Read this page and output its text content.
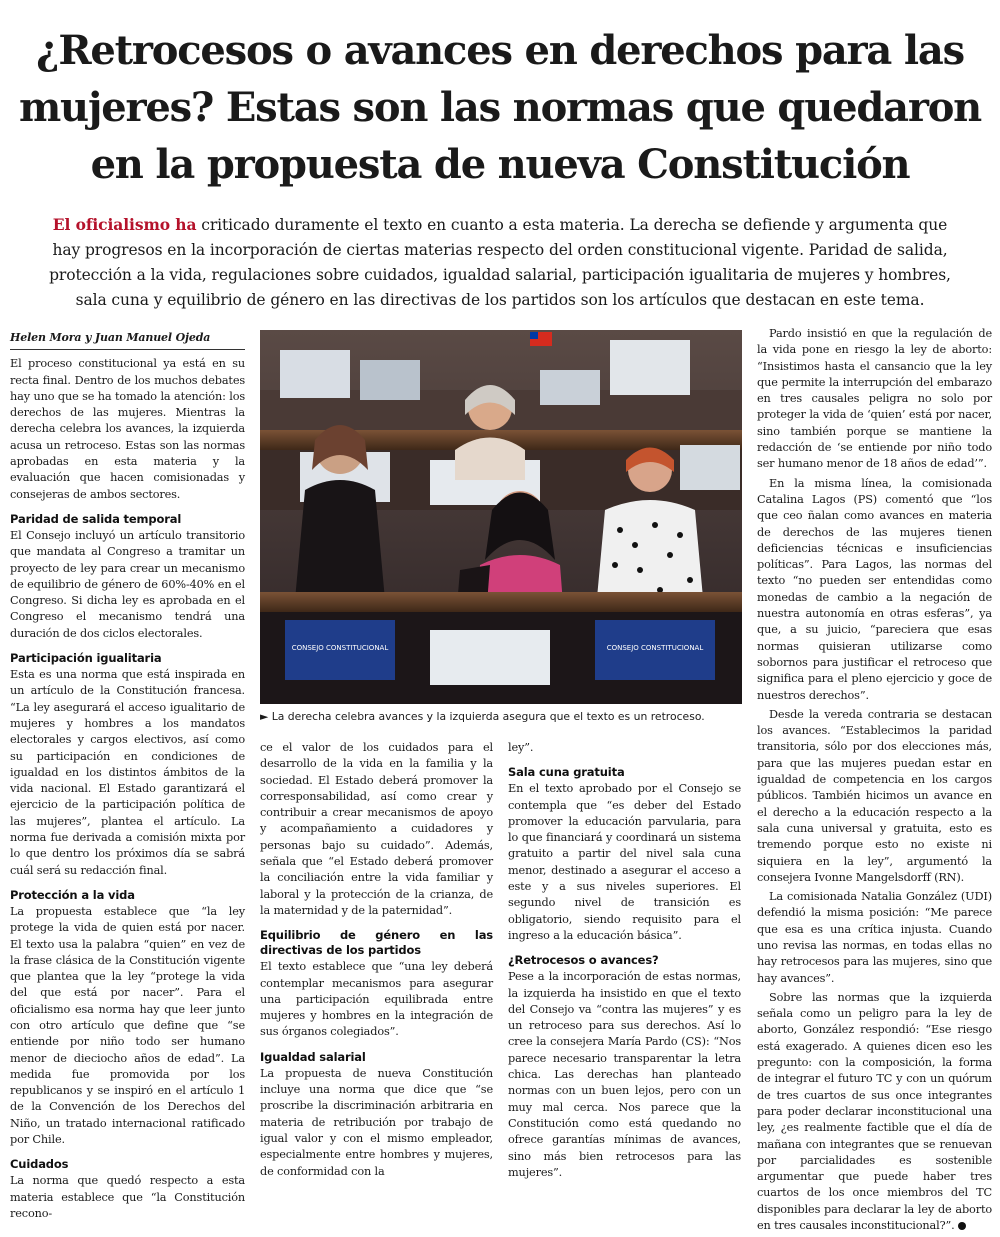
¿Retrocesos o avances en derechos para las mujeres? Estas son las normas que quedaron en la propuesta de nueva Constitución

El oficialismo ha criticado duramente el texto en cuanto a esta materia. La derecha se defiende y argumenta que hay progresos en la incorporación de ciertas materias respecto del orden constitucional vigente. Paridad de salida, protección a la vida, regulaciones sobre cuidados, igualdad salarial, participación igualitaria de mujeres y hombres, sala cuna y equilibrio de género en las directivas de los partidos son los artículos que destacan en este tema.

Helen Mora y Juan Manuel Ojeda

El proceso constitucional ya está en su recta final. Dentro de los muchos debates hay uno que se ha tomado la atención: los derechos de las mujeres. Mientras la derecha celebra los avances, la izquierda acusa un retroceso. Estas son las normas aprobadas en esta materia y la evaluación que hacen comisionadas y consejeras de ambos sectores.

Paridad de salida temporal

El Consejo incluyó un artículo transitorio que mandata al Congreso a tramitar un proyecto de ley para crear un mecanismo de equilibrio de género de 60%-40% en el Congreso. Si dicha ley es aprobada en el Congreso el mecanismo tendrá una duración de dos ciclos electorales.

Participación igualitaria

Esta es una norma que está inspirada en un artículo de la Constitución francesa. “La ley asegurará el acceso igualitario de mujeres y hombres a los mandatos electorales y cargos electivos, así como su participación en condiciones de igualdad en los distintos ámbitos de la vida nacional. El Estado garantizará el ejercicio de la participación política de las mujeres”, plantea el artículo. La norma fue derivada a comisión mixta por lo que dentro los próximos día se sabrá cuál será su redacción final.

Protección a la vida

La propuesta establece que “la ley protege la vida de quien está por nacer. El texto usa la palabra “quien” en vez de la frase clásica de la Constitución vigente que plantea que la ley “protege la vida del que está por nacer”. Para el oficialismo esa norma hay que leer junto con otro artículo que define que “se entiende por niño todo ser humano menor de dieciocho años de edad”. La medida fue promovida por los republicanos y se inspiró en el artículo 1 de la Convención de los Derechos del Niño, un tratado internacional ratificado por Chile.

Cuidados

La norma que quedó respecto a esta materia establece que “la Constitución recono-

CONSEJO CONSTITUCIONAL	CONSEJO CONSTITUCIONAL
► La derecha celebra avances y la izquierda asegura que el texto es un retroceso.

ce el valor de los cuidados para el desarrollo de la vida en la familia y la sociedad. El Estado deberá promover la corresponsabilidad, así como crear y contribuir a crear mecanismos de apoyo y acompañamiento a cuidadores y personas bajo su cuidado”. Además, señala que “el Estado deberá promover la conciliación entre la vida familiar y laboral y la protección de la crianza, de la maternidad y de la paternidad”.

Equilibrio de género en las directivas de los partidos

El texto establece que “una ley deberá contemplar mecanismos para asegurar una participación equilibrada entre mujeres y hombres en la integración de sus órganos colegiados”.

Igualdad salarial

La propuesta de nueva Constitución incluye una norma que dice que “se proscribe la discriminación arbitraria en materia de retribución por trabajo de igual valor y con el mismo empleador, especialmente entre hombres y mujeres, de conformidad con la

ley”.

Sala cuna gratuita

En el texto aprobado por el Consejo se contempla que “es deber del Estado promover la educación parvularia, para lo que financiará y coordinará un sistema gratuito a partir del nivel sala cuna menor, destinado a asegurar el acceso a este y a sus niveles superiores. El segundo nivel de transición es obligatorio, siendo requisito para el ingreso a la educación básica”.

¿Retrocesos o avances?

Pese a la incorporación de estas normas, la izquierda ha insistido en que el texto del Consejo va “contra las mujeres” y es un retroceso para sus derechos. Así lo cree la consejera María Pardo (CS): “Nos parece necesario transparentar la letra chica. Las derechas han planteado normas con un buen lejos, pero con un muy mal cerca. Nos parece que la Constitución como está quedando no ofrece garantías mínimas de avances, sino más bien retrocesos para las mujeres”.

Pardo insistió en que la regulación de la vida pone en riesgo la ley de aborto: “Insistimos hasta el cansancio que la ley que permite la interrupción del embarazo en tres causales peligra no solo por proteger la vida de ‘quien’ está por nacer, sino también porque se mantiene la redacción de ‘se entiende por niño todo ser humano menor de 18 años de edad’”.

En la misma línea, la comisionada Catalina Lagos (PS) comentó que “los que ceo ñalan como avances en materia de derechos de las mujeres tienen deficiencias técnicas e insuficiencias políticas”. Para Lagos, las normas del texto “no pueden ser entendidas como monedas de cambio a la negación de nuestra autonomía en otras esferas”, ya que, a su juicio, “pareciera que esas normas quisieran utilizarse como sobornos para justificar el retroceso que significa para el pleno ejercicio y goce de nuestros derechos”.

Desde la vereda contraria se destacan los avances. “Establecimos la paridad transitoria, sólo por dos elecciones más, para que las mujeres puedan estar en igualdad de competencia en los cargos públicos. También hicimos un avance en el derecho a la educación respecto a la sala cuna universal y gratuita, esto es tremendo porque esto no existe ni siquiera en la ley”, argumentó la consejera Ivonne Mangelsdorff (RN).

La comisionada Natalia González (UDI) defendió la misma posición: “Me parece que esa es una crítica injusta. Cuando uno revisa las normas, en todas ellas no hay retrocesos para las mujeres, sino que hay avances”.

Sobre las normas que la izquierda señala como un peligro para la ley de aborto, González respondió: “Ese riesgo está exagerado. A quienes dicen eso les pregunto: con la composición, la forma de integrar el futuro TC y con un quórum de tres cuartos de sus once integrantes para poder declarar inconstitucional una ley, ¿es realmente factible que el día de mañana con integrantes que se renuevan por parcialidades es sostenible argumentar que puede haber tres cuartos de los once miembros del TC disponibles para declarar la ley de aborto en tres causales inconstitucional?”.
